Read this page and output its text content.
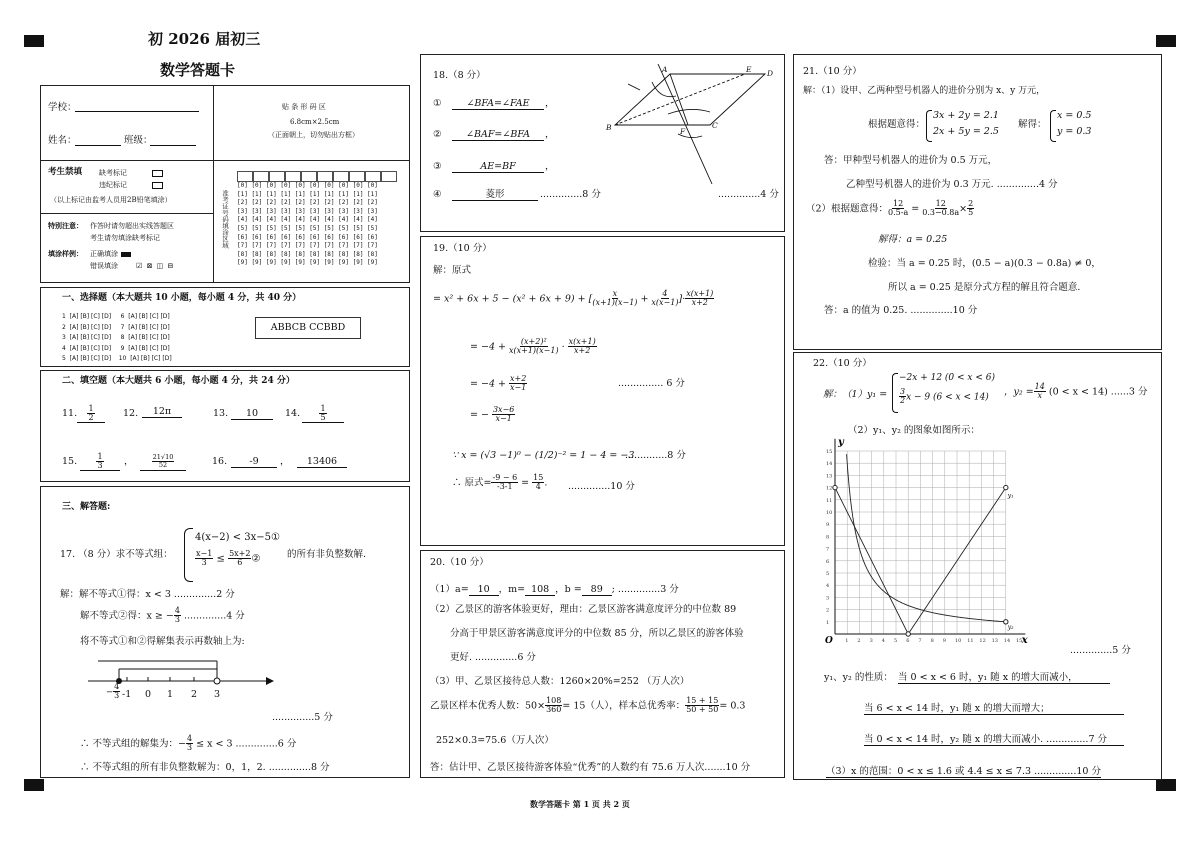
初 2026 届初三
数学答题卡
学校：
姓名：	班级：
贴 条 形 码 区
6.8cm×2.5cm
（正面朝上，切勿贴出方框）
考生禁填 缺考标记
违纪标记
（以上标记由监考人员用2B铅笔填涂）
特别注意： 作答时请勿超出实线答题区
考生请勿填涂缺考标记
填涂样例： 正确填涂
错误填涂	☑ ⊠ ◫ ⊟
准考证号码填涂区域
[0] [0] [0] [0] [0] [0] [0] [0] [0] [0]
[1] [1] [1] [1] [1] [1] [1] [1] [1] [1]
[2] [2] [2] [2] [2] [2] [2] [2] [2] [2]
[3] [3] [3] [3] [3] [3] [3] [3] [3] [3]
[4] [4] [4] [4] [4] [4] [4] [4] [4] [4]
[5] [5] [5] [5] [5] [5] [5] [5] [5] [5]
[6] [6] [6] [6] [6] [6] [6] [6] [6] [6]
[7] [7] [7] [7] [7] [7] [7] [7] [7] [7]
[8] [8] [8] [8] [8] [8] [8] [8] [8] [8]
[9] [9] [9] [9] [9] [9] [9] [9] [9] [9]
一、选择题（本大题共 10 小题，每小题 4 分，共 40 分）
1  [A] [B] [C] [D]     6  [A] [B] [C] [D]
2  [A] [B] [C] [D]     7  [A] [B] [C] [D]
3  [A] [B] [C] [D]     8  [A] [B] [C] [D]
4  [A] [B] [C] [D]     9  [A] [B] [C] [D]
5  [A] [B] [C] [D]    10  [A] [B] [C] [D]
ABBCB CCBBD
二、填空题（本大题共 6 小题，每小题 4 分，共 24 分）
11. $\frac{1}{2}$	12.	12π	13.	10	14. $\frac{1}{5}$
15. $\frac{1}{3}$ ，	$\frac{21√10}{52}$	16.	-9	，	13406
三、解答题:
17. （8 分）求不等式组：
4(x−2) < 3x−5①
$\frac{x-1}{3} \le \frac{5x+2}{6}$ ②	的所有非负整数解.
解：解不等式①得：x < 3 ..............2 分
解不等式②得：x ≥ − $\frac{4}{3} ..............4$ 分
将不等式①和②得解集表示再数轴上为:
− $\frac{4}{3} -1$ 0 1 2 3
..............5 分
∴ 不等式组的解集为：− $\frac{4}{3} \le x < 3$ ..............6 分
∴ 不等式组的所有非负整数解为：0，1，2. ..............8 分
18.（8 分）
①	∠BFA=∠FAE	，
②	∠BAF=∠BFA	，
③	AE=BF	，
④	菱形	..............8 分	..............4 分
A	E D
B	F
C
19.（10 分）
解：原式
= x² + 6x + 5 − (x² + 6x + 9) + [ $\frac{x}{(x+1)(x-1)} + \frac{4}{x(x-1)}$ ]· $\frac{x(x+1)}{x+2}$
= $-4 + \frac{\text{(x+2)²}}{x(x+1)(x-1)} \cdot \frac{x(x+1)}{x+2}$
= $-4 + \frac{x+2}{x-1}$	............... 6 分
= − $\frac{3x-6}{x-1}$
∵ x = (√3 −1)⁰ − (1/2)⁻² = 1 − 4 = −3
..............8 分
∴ 原式= $\frac{-9 - 6}{-3-1} = \frac{15}{4}$ . ..............10 分
20.（10 分）
（1）a= 10 ，m= 108 ，b = 89 ; ..............3 分
（2）乙景区的游客体验更好，理由：乙景区游客满意度评分的中位数 89
分高于甲景区游客满意度评分的中位数 85 分，所以乙景区的游客体验
更好. ..............6 分
（3）甲、乙景区接待总人数：1260×20%=252 （万人次）
乙景区样本优秀人数：$50\times \frac{108}{360} = 15$（人），样本总优秀率： $\frac{15 + 15}{50 + 50} = 0.3$
252×0.3=75.6（万人次）
答：估计甲、乙景区接待游客体验“优秀”的人数约有 75.6 万人次.......10 分
21.（10 分）
解：（1）设甲、乙两种型号机器人的进价分别为 x、y 万元，
根据题意得：
3x + 2y = 2.1
2x + 5y = 2.5
解得：
x = 0.5
y = 0.3
答：甲种型号机器人的进价为 0.5 万元，
乙种型号机器人的进价为 0.3 万元. ..............4 分
（2）根据题意得： $\frac{12}{0.5-a} = \frac{12}{0.3-0.8a} \times \frac{2}{5}$
解得：a = 0.25
检验：当 a = 0.25 时，(0.5 − a)(0.3 − 0.8a) ≠ 0，
所以 a = 0.25 是原分式方程的解且符合题意.
答：a 的值为 0.25. ..............10 分
22.（10 分）
解：（1）y₁ =
−2x + 12 (0 < x < 6)
$\frac{3}{2}$ x − 9 (6 < x < 14) ，$y_2 = \frac{14}{x} (0 < x < 14)$ ......3 分
（2）y₁、y₂ 的图象如图所示：
1 2 3 4 5 6 7 8 9 10 11 12 13 14 15
1
2
3
4
5
6
7
8
9
10
11
12
13
14
15
O	x
y
y₁
y₂
..............5 分
y₁、y₂ 的性质： 当 0 < x < 6 时，y₁ 随 x 的增大而减小，
当 6 < x < 14 时，y₁ 随 x 的增大而增大；
当 0 < x < 14 时，y₂ 随 x 的增大而减小. ..............7 分
（3）x 的范围：0 < x ≤ 1.6 或 4.4 ≤ x ≤ 7.3 ..............10 分
数学答题卡 第 1 页 共 2 页
